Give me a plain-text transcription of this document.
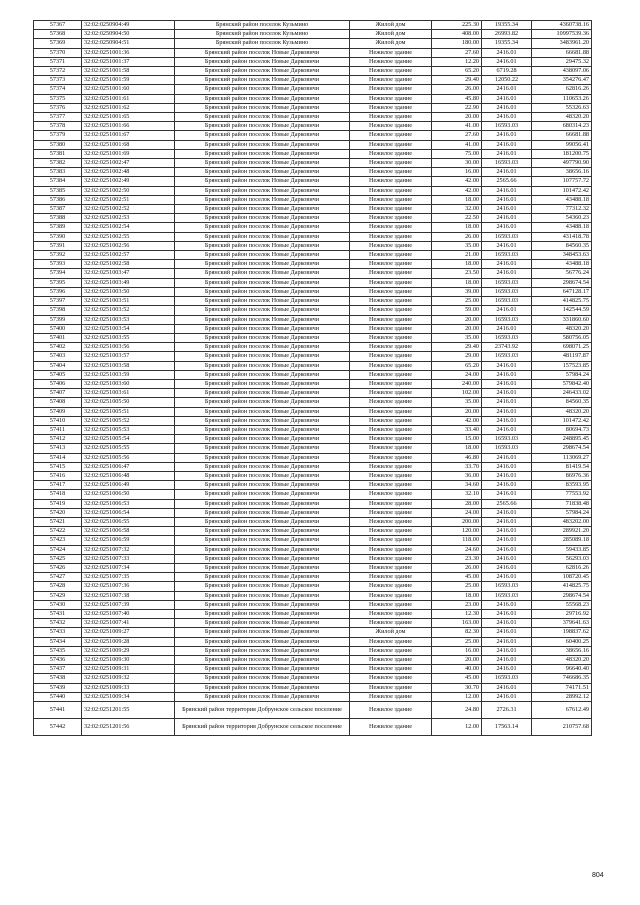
57367	32:02:0250904:49	Брянский район поселок Кузьмино	Жилой дом	225.30	19355.34	4360738.16
57368	32:02:0250904:50	Брянский район поселок Кузьмино	Жилой дом	408.00	26993.82	10997539.36
57369	32:02:0250904:51	Брянский район поселок Кузьмино	Жилой дом	180.00	19355.34	3483961.20
57370	32:02:0251001:36	Брянский район поселок Новые Дарковичи	Нежилое здание	27.60	2416.01	66681.88
57371	32:02:0251001:37	Брянский район поселок Новые Дарковичи	Нежилое здание	12.20	2416.01	29475.32
57372	32:02:0251001:58	Брянский район поселок Новые Дарковичи	Нежилое здание	65.20	6719.28	438097.06
57373	32:02:0251001:59	Брянский район поселок Новые Дарковичи	Нежилое здание	29.40	12050.22	354276.47
57374	32:02:0251001:60	Брянский район поселок Новые Дарковичи	Нежилое здание	26.00	2416.01	62816.26
57375	32:02:0251001:61	Брянский район поселок Новые Дарковичи	Нежилое здание	45.80	2416.01	110653.26
57376	32:02:0251001:62	Брянский район поселок Новые Дарковичи	Нежилое здание	22.90	2416.01	55326.63
57377	32:02:0251001:65	Брянский район поселок Новые Дарковичи	Нежилое здание	20.00	2416.01	48320.20
57378	32:02:0251001:66	Брянский район поселок Новые Дарковичи	Нежилое здание	41.00	16593.03	680314.23
57379	32:02:0251001:67	Брянский район поселок Новые Дарковичи	Нежилое здание	27.60	2416.01	66681.88
57380	32:02:0251001:68	Брянский район поселок Новые Дарковичи	Нежилое здание	41.00	2416.01	99056.41
57381	32:02:0251001:69	Брянский район поселок Новые Дарковичи	Нежилое здание	75.00	2416.01	181200.75
57382	32:02:0251002:47	Брянский район поселок Новые Дарковичи	Нежилое здание	30.00	16593.03	497790.90
57383	32:02:0251002:48	Брянский район поселок Новые Дарковичи	Нежилое здание	16.00	2416.01	38656.16
57384	32:02:0251002:49	Брянский район поселок Новые Дарковичи	Нежилое здание	42.00	2565.66	107757.72
57385	32:02:0251002:50	Брянский район поселок Новые Дарковичи	Нежилое здание	42.00	2416.01	101472.42
57386	32:02:0251002:51	Брянский район поселок Новые Дарковичи	Нежилое здание	18.00	2416.01	43488.18
57387	32:02:0251002:52	Брянский район поселок Новые Дарковичи	Нежилое здание	32.00	2416.01	77312.32
57388	32:02:0251002:53	Брянский район поселок Новые Дарковичи	Нежилое здание	22.50	2416.01	54360.23
57389	32:02:0251002:54	Брянский район поселок Новые Дарковичи	Нежилое здание	18.00	2416.01	43488.18
57390	32:02:0251002:55	Брянский район поселок Новые Дарковичи	Нежилое здание	26.00	16593.03	431418.78
57391	32:02:0251002:56	Брянский район поселок Новые Дарковичи	Нежилое здание	35.00	2416.01	84560.35
57392	32:02:0251002:57	Брянский район поселок Новые Дарковичи	Нежилое здание	21.00	16593.03	348453.63
57393	32:02:0251002:58	Брянский район поселок Новые Дарковичи	Нежилое здание	18.00	2416.01	43488.18
57394	32:02:0251003:47	Брянский район поселок Новые Дарковичи	Нежилое здание	23.50	2416.01	56776.24
57395	32:02:0251003:49	Брянский район поселок Новые Дарковичи	Нежилое здание	18.00	16593.03	298674.54
57396	32:02:0251003:50	Брянский район поселок Новые Дарковичи	Нежилое здание	39.00	16593.03	647128.17
57397	32:02:0251003:51	Брянский район поселок Новые Дарковичи	Нежилое здание	25.00	16593.03	414825.75
57398	32:02:0251003:52	Брянский район поселок Новые Дарковичи	Нежилое здание	59.00	2416.01	142544.59
57399	32:02:0251003:53	Брянский район поселок Новые Дарковичи	Нежилое здание	20.00	16593.03	331860.60
57400	32:02:0251003:54	Брянский район поселок Новые Дарковичи	Нежилое здание	20.00	2416.01	48320.20
57401	32:02:0251003:55	Брянский район поселок Новые Дарковичи	Нежилое здание	35.00	16593.03	580756.05
57402	32:02:0251003:56	Брянский район поселок Новые Дарковичи	Нежилое здание	29.40	23743.92	698071.25
57403	32:02:0251003:57	Брянский район поселок Новые Дарковичи	Нежилое здание	29.00	16593.03	481197.87
57404	32:02:0251003:58	Брянский район поселок Новые Дарковичи	Нежилое здание	65.20	2416.01	157523.85
57405	32:02:0251003:59	Брянский район поселок Новые Дарковичи	Нежилое здание	24.00	2416.01	57984.24
57406	32:02:0251003:60	Брянский район поселок Новые Дарковичи	Нежилое здание	240.00	2416.01	579842.40
57407	32:02:0251003:61	Брянский район поселок Новые Дарковичи	Нежилое здание	102.00	2416.01	246433.02
57408	32:02:0251005:50	Брянский район поселок Новые Дарковичи	Нежилое здание	35.00	2416.01	84560.35
57409	32:02:0251005:51	Брянский район поселок Новые Дарковичи	Нежилое здание	20.00	2416.01	48320.20
57410	32:02:0251005:52	Брянский район поселок Новые Дарковичи	Нежилое здание	42.00	2416.01	101472.42
57411	32:02:0251005:53	Брянский район поселок Новые Дарковичи	Нежилое здание	33.40	2416.01	80694.73
57412	32:02:0251005:54	Брянский район поселок Новые Дарковичи	Нежилое здание	15.00	16593.03	248895.45
57413	32:02:0251005:55	Брянский район поселок Новые Дарковичи	Нежилое здание	18.00	16593.03	298674.54
57414	32:02:0251005:56	Брянский район поселок Новые Дарковичи	Нежилое здание	46.80	2416.01	113069.27
57415	32:02:0251006:47	Брянский район поселок Новые Дарковичи	Нежилое здание	33.70	2416.01	81419.54
57416	32:02:0251006:48	Брянский район поселок Новые Дарковичи	Нежилое здание	36.00	2416.01	86976.36
57417	32:02:0251006:49	Брянский район поселок Новые Дарковичи	Нежилое здание	34.60	2416.01	83593.95
57418	32:02:0251006:50	Брянский район поселок Новые Дарковичи	Нежилое здание	32.10	2416.01	77553.92
57419	32:02:0251006:53	Брянский район поселок Новые Дарковичи	Нежилое здание	28.00	2565.66	71838.48
57420	32:02:0251006:54	Брянский район поселок Новые Дарковичи	Нежилое здание	24.00	2416.01	57984.24
57421	32:02:0251006:55	Брянский район поселок Новые Дарковичи	Нежилое здание	200.00	2416.01	483202.00
57422	32:02:0251006:58	Брянский район поселок Новые Дарковичи	Нежилое здание	120.00	2416.01	289921.20
57423	32:02:0251006:59	Брянский район поселок Новые Дарковичи	Нежилое здание	118.00	2416.01	285089.18
57424	32:02:0251007:32	Брянский район поселок Новые Дарковичи	Нежилое здание	24.60	2416.01	59433.85
57425	32:02:0251007:33	Брянский район поселок Новые Дарковичи	Нежилое здание	23.30	2416.01	56293.03
57426	32:02:0251007:34	Брянский район поселок Новые Дарковичи	Нежилое здание	26.00	2416.01	62816.26
57427	32:02:0251007:35	Брянский район поселок Новые Дарковичи	Нежилое здание	45.00	2416.01	108720.45
57428	32:02:0251007:36	Брянский район поселок Новые Дарковичи	Нежилое здание	25.00	16593.03	414825.75
57429	32:02:0251007:38	Брянский район поселок Новые Дарковичи	Нежилое здание	18.00	16593.03	298674.54
57430	32:02:0251007:39	Брянский район поселок Новые Дарковичи	Нежилое здание	23.00	2416.01	55568.23
57431	32:02:0251007:40	Брянский район поселок Новые Дарковичи	Нежилое здание	12.30	2416.01	29716.92
57432	32:02:0251007:41	Брянский район поселок Новые Дарковичи	Нежилое здание	163.00	2416.01	379641.63
57433	32:02:0251009:27	Брянский район поселок Новые Дарковичи	Жилой дом	82.30	2416.01	198837.62
57434	32:02:0251009:28	Брянский район поселок Новые Дарковичи	Нежилое здание	25.00	2416.01	60400.25
57435	32:02:0251009:29	Брянский район поселок Новые Дарковичи	Нежилое здание	16.00	2416.01	38656.16
57436	32:02:0251009:30	Брянский район поселок Новые Дарковичи	Нежилое здание	20.00	2416.01	48320.20
57437	32:02:0251009:31	Брянский район поселок Новые Дарковичи	Нежилое здание	40.00	2416.01	96640.40
57438	32:02:0251009:32	Брянский район поселок Новые Дарковичи	Нежилое здание	45.00	16593.03	746686.35
57439	32:02:0251009:33	Брянский район поселок Новые Дарковичи	Нежилое здание	30.70	2416.01	74171.51
57440	32:02:0251009:34	Брянский район поселок Новые Дарковичи	Нежилое здание	12.00	2416.01	28992.12
57441	32:02:0251201:55	Брянский район территория Добрунское сельское поселение	Нежилое здание	24.80	2726.31	67612.49
57442	32:02:0251201:56	Брянский район территория Добрунское сельское поселение	Нежилое здание	12.00	17563.14	210757.68
804
